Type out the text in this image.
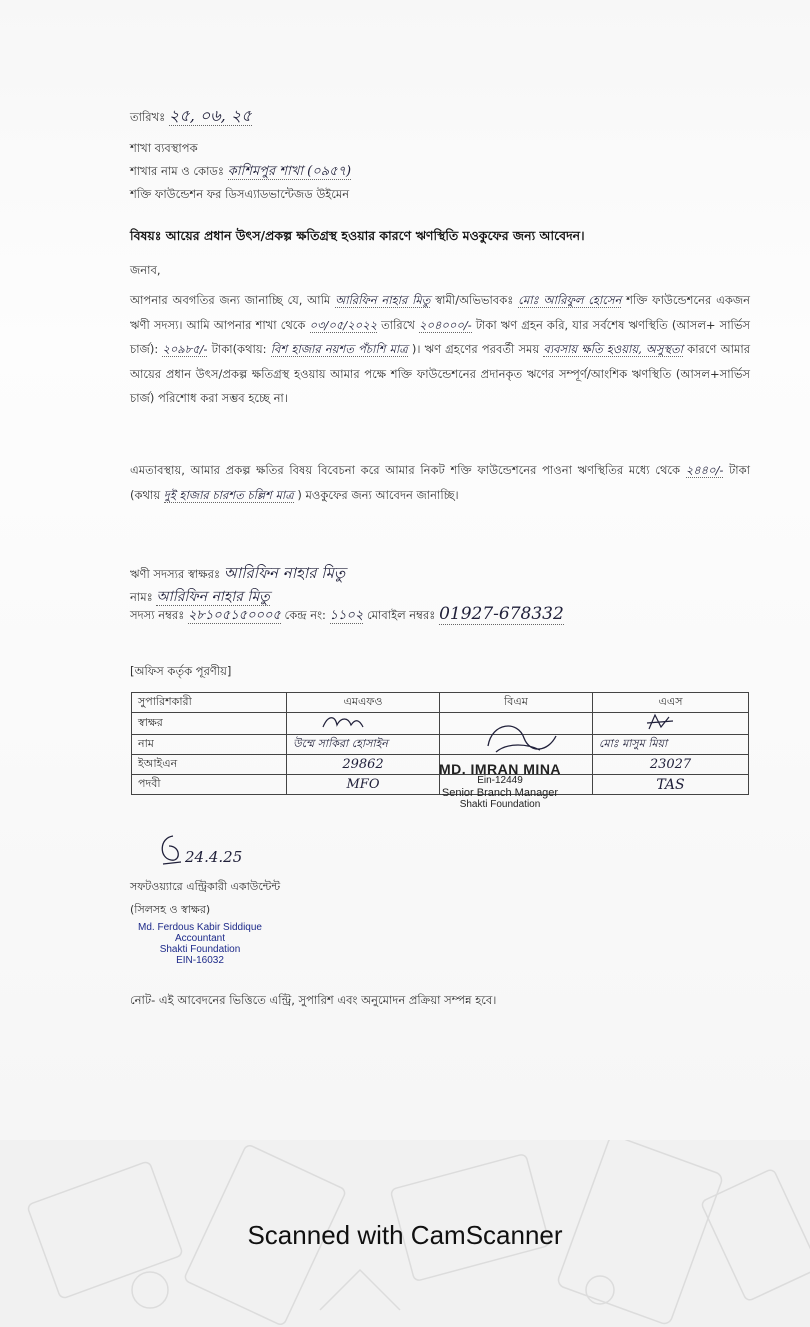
তারিখঃ ২৫, ০৬, ২৫
শাখা ব্যবস্থাপক
শাখার নাম ও কোডঃ কাশিমপুর শাখা (০৯৫৭)
শক্তি ফাউন্ডেশন ফর ডিসএ্যাডভান্টেজড উইমেন
বিষয়ঃ আয়ের প্রধান উৎস/প্রকল্প ক্ষতিগ্রস্থ হওয়ার কারণে ঋণস্থিতি মওকুফের জন্য আবেদন।
জনাব,
আপনার অবগতির জন্য জানাচ্ছি যে, আমি আরিফিন নাহার মিতু স্বামী/অভিভাবকঃ মোঃ আরিফুল হোসেন শক্তি ফাউন্ডেশনের একজন ঋণী সদস্য। আমি আপনার শাখা থেকে ০৩/০৫/২০২২ তারিখে ২০৪০০০/- টাকা ঋণ গ্রহন করি, যার সর্বশেষ ঋণস্থিতি (আসল+ সার্ভিস চার্জ): ২০৯৮৫/- টাকা(কথায়: বিশ হাজার নয়শত পঁচাশি মাত্র )। ঋণ গ্রহণের পরবর্তী সময় ব্যবসায় ক্ষতি হওয়ায়, অসুস্থতা কারণে আমার আয়ের প্রধান উৎস/প্রকল্প ক্ষতিগ্রস্থ হওয়ায় আমার পক্ষে শক্তি ফাউন্ডেশনের প্রদানকৃত ঋণের সম্পূর্ণ/আংশিক ঋণস্থিতি (আসল+সার্ভিস চার্জ) পরিশোধ করা সম্ভব হচ্ছে না।
এমতাবস্থায়, আমার প্রকল্প ক্ষতির বিষয় বিবেচনা করে আমার নিকট শক্তি ফাউন্ডেশনের পাওনা ঋণস্থিতির মধ্যে থেকে ২৪৪০/- টাকা (কথায় দুই হাজার চারশত চল্লিশ মাত্র ) মওকুফের জন্য আবেদন জানাচ্ছি।
ঋণী সদস্যর স্বাক্ষরঃ আরিফিন নাহার মিতু
নামঃ আরিফিন নাহার মিতু
সদস্য নম্বরঃ ২৮১০৫১৫০০০৫ কেন্দ্র নং: ১১০২ মোবাইল নম্বরঃ 01927-678332
[অফিস কর্তৃক পূরণীয়]
সুপারিশকারী	এমএফও	বিএম	এএস
স্বাক্ষর			
নাম	উম্মে সাকিরা হোসাইন		মোঃ মাসুম মিয়া
ইআইএন	29862		23027
পদবী	MFO		TAS
MD. IMRAN MINA
Ein-12449
Senior Branch Manager
Shakti Foundation
24.4.25
সফটওয়্যারে এন্ট্রিকারী একাউন্টেন্ট
(সিলসহ ও স্বাক্ষর)
Md. Ferdous Kabir Siddique
Accountant
Shakti Foundation
EIN-16032
নোট- এই আবেদনের ভিত্তিতে এন্ট্রি, সুপারিশ এবং অনুমোদন প্রক্রিয়া সম্পন্ন হবে।
Scanned with CamScanner
